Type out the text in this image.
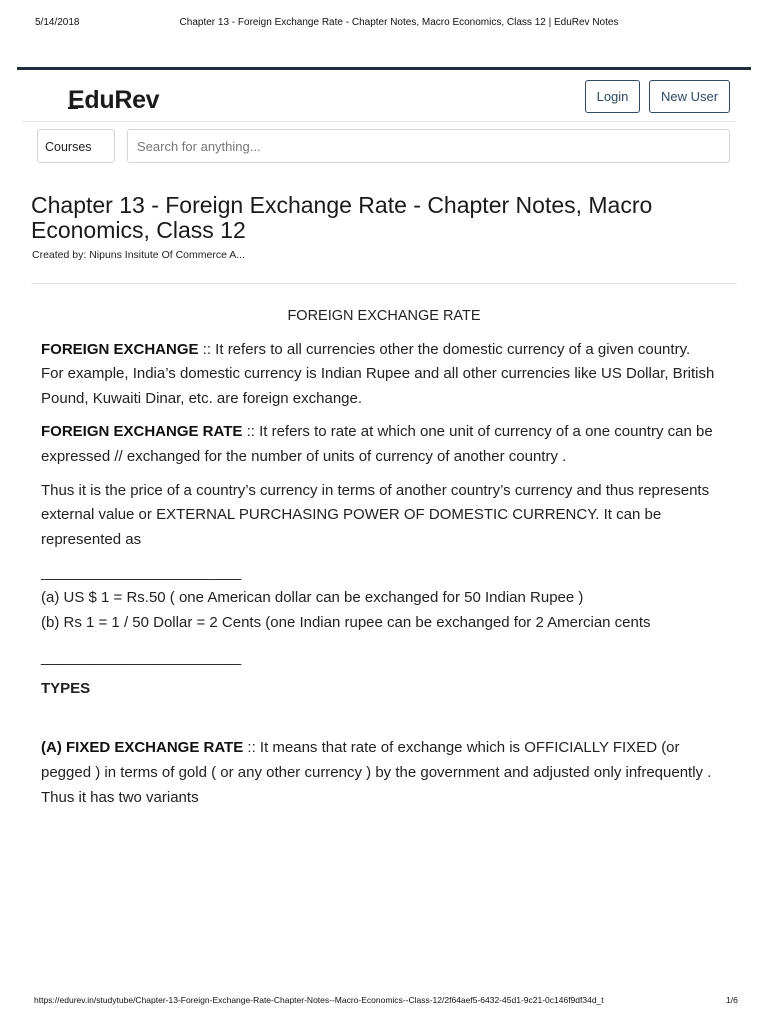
5/14/2018	Chapter 13 - Foreign Exchange Rate - Chapter Notes, Macro Economics, Class 12 | EduRev Notes
EduRev	Login	New User
Courses	Search for anything...
Chapter 13 - Foreign Exchange Rate - Chapter Notes, Macro Economics, Class 12
Created by: Nipuns Insitute Of Commerce A...
FOREIGN EXCHANGE RATE
FOREIGN EXCHANGE :: It refers to all currencies other the domestic currency of a given country.
For example, India’s domestic currency is Indian Rupee and all other currencies like US Dollar, British Pound, Kuwaiti Dinar, etc. are foreign exchange.
FOREIGN EXCHANGE RATE :: It refers to rate at which one unit of currency of a one country can be expressed // exchanged for the number of units of currency of another country .
Thus it is the price of a country’s currency in terms of another country’s currency and thus represents external value or EXTERNAL PURCHASING POWER OF DOMESTIC CURRENCY. It can be represented as
________________________
(a) US $ 1 = Rs.50 ( one American dollar can be exchanged for 50 Indian Rupee )
(b) Rs 1 = 1 / 50 Dollar = 2 Cents (one Indian rupee can be exchanged for 2 Amercian cents
________________________
TYPES
(A) FIXED EXCHANGE RATE :: It means that rate of exchange which is OFFICIALLY FIXED (or pegged ) in terms of gold ( or any other currency ) by the government and adjusted only infrequently . Thus it has two variants
https://edurev.in/studytube/Chapter-13-Foreign-Exchange-Rate-Chapter-Notes--Macro-Economics--Class-12/2f64aef5-6432-45d1-9c21-0c146f9df34d_t	1/6
